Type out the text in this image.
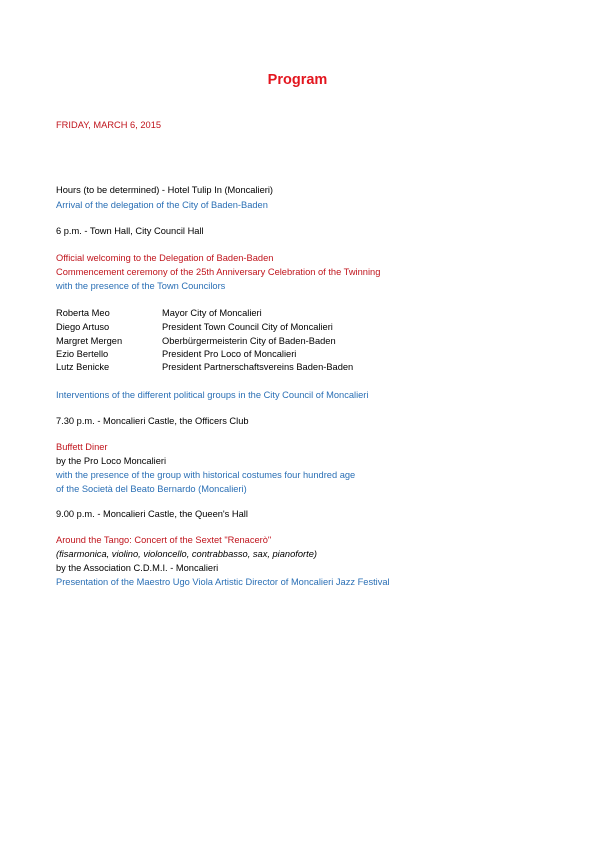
Program
FRIDAY, MARCH 6, 2015
Hours (to be determined) - Hotel Tulip In (Moncalieri)
Arrival of the delegation of the City of Baden-Baden
6 p.m. - Town Hall, City Council Hall
Official welcoming to the Delegation of Baden-Baden
Commencement ceremony of the 25th Anniversary Celebration of the Twinning
with the presence of the Town Councilors
Roberta Meo	Mayor City of Moncalieri
Diego Artuso	President Town Council City of Moncalieri
Margret Mergen	Oberbürgermeisterin City of Baden-Baden
Ezio Bertello	President Pro Loco of Moncalieri
Lutz Benicke	President Partnerschaftsvereins Baden-Baden
Interventions of the different political groups in the City Council of Moncalieri
7.30 p.m. - Moncalieri Castle, the Officers Club
Buffett Diner
by the Pro Loco Moncalieri
with the presence of the group with historical costumes four hundred age
of the Società del Beato Bernardo (Moncalieri)
9.00 p.m. - Moncalieri Castle, the Queen's Hall
Around the Tango: Concert of the Sextet "Renacerò"
(fisarmonica, violino, violoncello, contrabbasso, sax, pianoforte)
by the Association C.D.M.I. - Moncalieri
Presentation of the Maestro Ugo Viola Artistic Director of Moncalieri Jazz Festival
